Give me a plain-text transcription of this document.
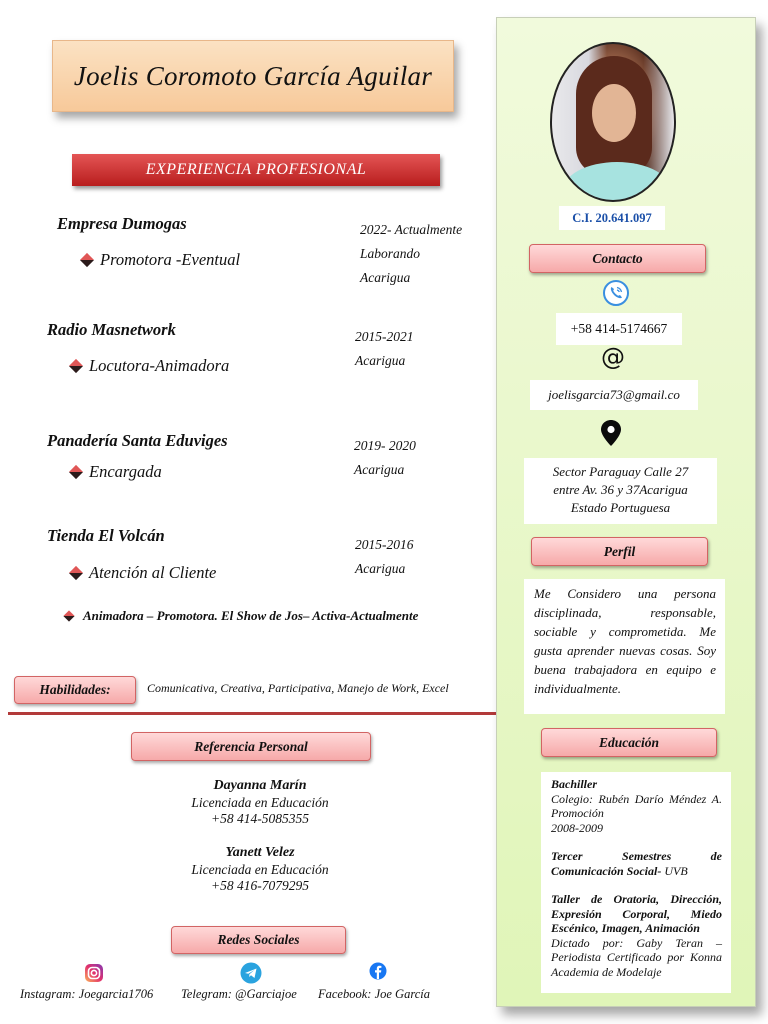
Joelis Coromoto García Aguilar
EXPERIENCIA PROFESIONAL
Empresa Dumogas
Promotora -Eventual
2022- Actualmente
Laborando
Acarigua
Radio Masnetwork
Locutora-Animadora
2015-2021
Acarigua
Panadería Santa Eduviges
Encargada
2019- 2020
Acarigua
Tienda El Volcán
Atención al Cliente
2015-2016
Acarigua
Animadora – Promotora. El Show de Jos– Activa-Actualmente
Habilidades:	Comunicativa, Creativa, Participativa, Manejo de Work, Excel
Referencia Personal
Dayanna Marín
Licenciada en Educación
+58 414-5085355
Yanett Velez
Licenciada en Educación
+58 416-7079295
Redes Sociales
Instagram: Joegarcia1706 Telegram: @Garciajoe Facebook: Joe García
C.I. 20.641.097
Contacto
+58 414-5174667
@
joelisgarcia73@gmail.co
Sector Paraguay Calle 27
entre Av. 36 y 37Acarigua
Estado Portuguesa
Perfil
Me Considero una persona disciplinada, responsable, sociable y comprometida. Me gusta aprender nuevas cosas. Soy buena trabajadora en equipo e individualmente.
Educación
Bachiller
Colegio: Rubén Darío Méndez A. Promoción
2008-2009
Tercer Semestres de Comunicación Social- UVB
Taller de Oratoria, Dirección, Expresión Corporal, Miedo Escénico, Imagen, Animación
Dictado por: Gaby Teran – Periodista Certificado por Konna Academia de Modelaje
